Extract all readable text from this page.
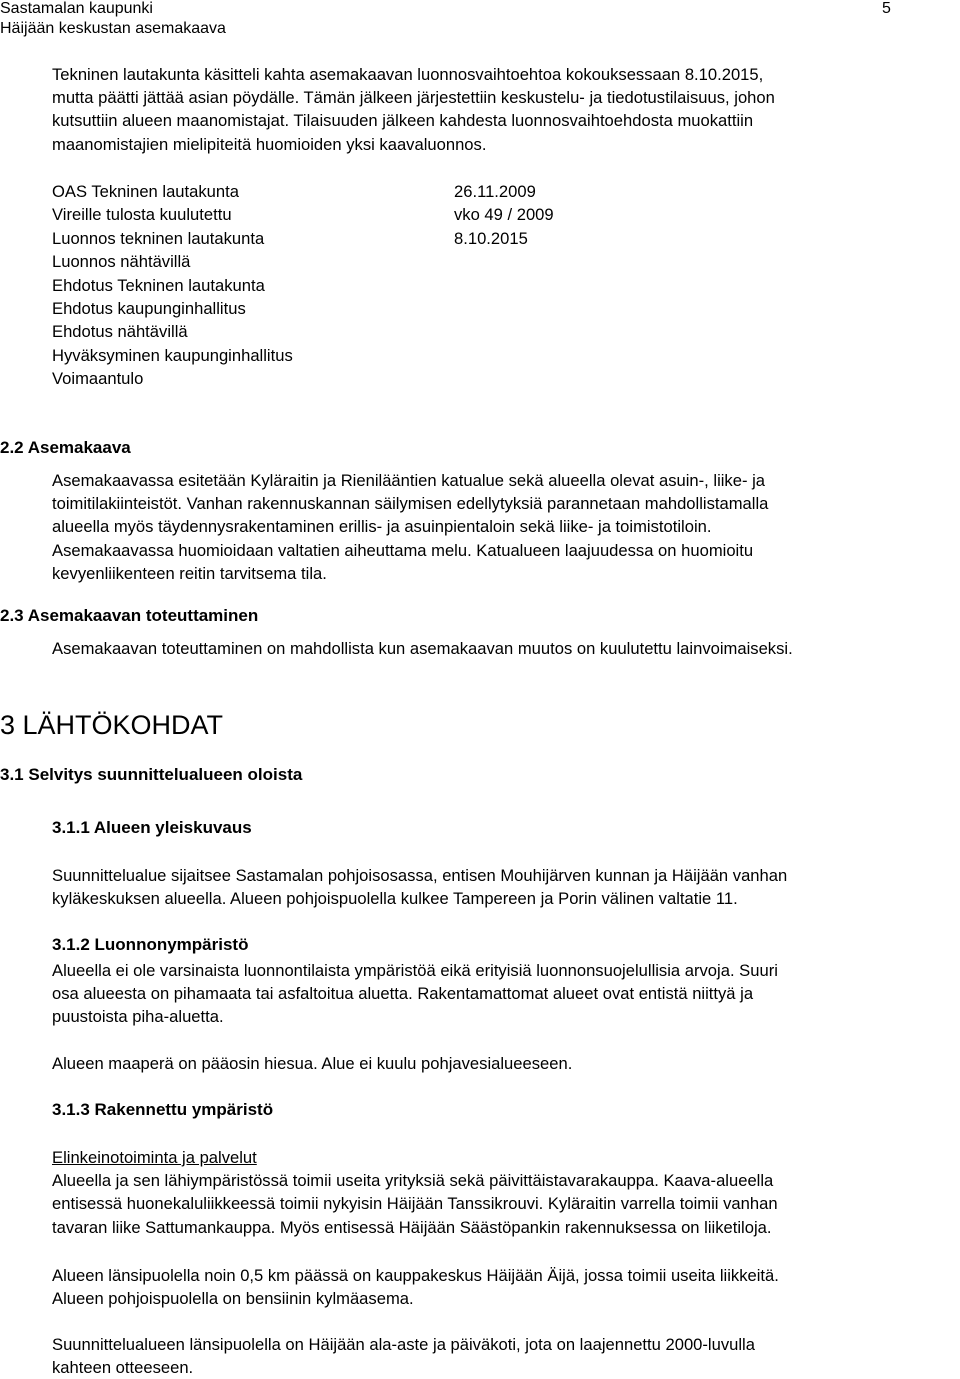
Sastamalan kaupunki
Häijään keskustan asemakaava
5

Tekninen lautakunta käsitteli kahta asemakaavan luonnosvaihtoehtoa kokouksessaan 8.10.2015,

mutta päätti jättää asian pöydälle. Tämän jälkeen järjestettiin keskustelu- ja tiedotustilaisuus, johon

kutsuttiin alueen maanomistajat. Tilaisuuden jälkeen kahdesta luonnosvaihtoehdosta muokattiin

maanomistajien mielipiteitä huomioiden yksi kaavaluonnos.

OAS Tekninen lautakunta	26.11.2009
Vireille tulosta kuulutettu	vko 49 / 2009
Luonnos tekninen lautakunta	8.10.2015
Luonnos nähtävillä
Ehdotus Tekninen lautakunta
Ehdotus kaupunginhallitus
Ehdotus nähtävillä
Hyväksyminen kaupunginhallitus
Voimaantulo
2.2 Asemakaava

Asemakaavassa esitetään Kyläraitin ja Rienilääntien katualue sekä alueella olevat asuin-, liike- ja

toimitilakiinteistöt. Vanhan rakennuskannan säilymisen edellytyksiä parannetaan mahdollistamalla

alueella myös täydennysrakentaminen erillis- ja asuinpientaloin sekä liike- ja toimistotiloin.

Asemakaavassa huomioidaan valtatien aiheuttama melu. Katualueen laajuudessa on huomioitu

kevyenliikenteen reitin tarvitsema tila.

2.3 Asemakaavan toteuttaminen

Asemakaavan toteuttaminen on mahdollista kun asemakaavan muutos on kuulutettu lainvoimaiseksi.

3 LÄHTÖKOHDAT
3.1 Selvitys suunnittelualueen oloista
3.1.1 Alueen yleiskuvaus

Suunnittelualue sijaitsee Sastamalan pohjoisosassa, entisen Mouhijärven kunnan ja Häijään vanhan

kyläkeskuksen alueella. Alueen pohjoispuolella kulkee Tampereen ja Porin välinen valtatie 11.

3.1.2 Luonnonympäristö

Alueella ei ole varsinaista luonnontilaista ympäristöä eikä erityisiä luonnonsuojelullisia arvoja. Suuri

osa alueesta on pihamaata tai asfaltoitua aluetta. Rakentamattomat alueet ovat entistä niittyä ja

puustoista piha-aluetta.

Alueen maaperä on pääosin hiesua. Alue ei kuulu pohjavesialueeseen.

3.1.3 Rakennettu ympäristö

Elinkeinotoiminta ja palvelut

Alueella ja sen lähiympäristössä toimii useita yrityksiä sekä päivittäistavarakauppa. Kaava-alueella

entisessä huonekaluliikkeessä toimii nykyisin Häijään Tanssikrouvi. Kyläraitin varrella toimii vanhan

tavaran liike Sattumankauppa. Myös entisessä Häijään Säästöpankin rakennuksessa on liiketiloja.

Alueen länsipuolella noin 0,5 km päässä on kauppakeskus Häijään Äijä, jossa toimii useita liikkeitä.

Alueen pohjoispuolella on bensiinin kylmäasema.

Suunnittelualueen länsipuolella on Häijään ala-aste ja päiväkoti, jota on laajennettu 2000-luvulla

kahteen otteeseen.
